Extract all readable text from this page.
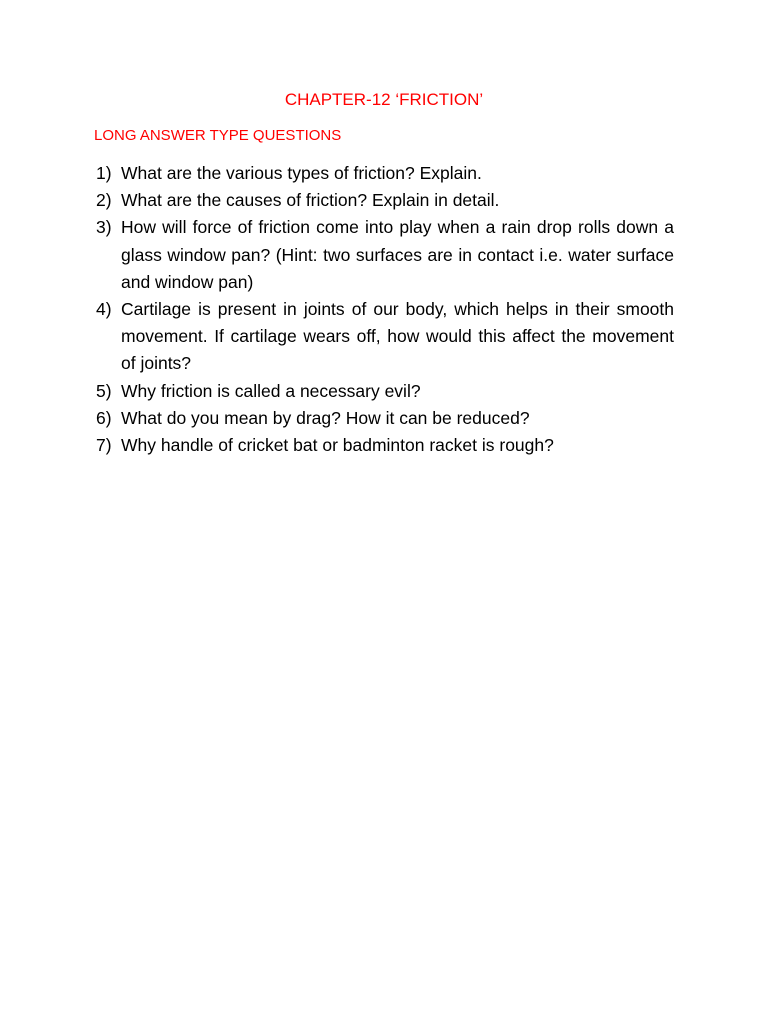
CHAPTER-12 ‘FRICTION’
LONG ANSWER TYPE QUESTIONS
1) What are the various types of friction? Explain.
2) What are the causes of friction? Explain in detail.
3) How will force of friction come into play when a rain drop rolls down a glass window pan? (Hint: two surfaces are in contact i.e. water surface and window pan)
4) Cartilage is present in joints of our body, which helps in their smooth movement. If cartilage wears off, how would this affect the movement of joints?
5) Why friction is called a necessary evil?
6) What do you mean by drag? How it can be reduced?
7) Why handle of cricket bat or badminton racket is rough?
